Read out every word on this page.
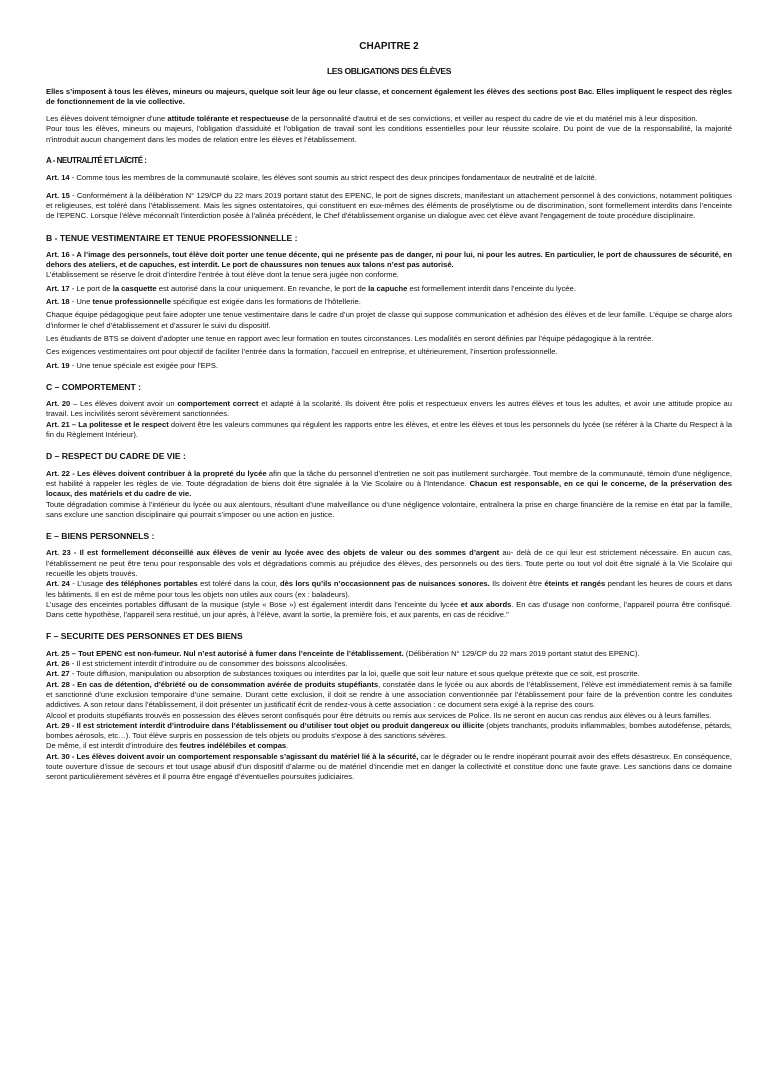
CHAPITRE 2
LES OBLIGATIONS DES ÉLÈVES

Elles s’imposent à tous les élèves, mineurs ou majeurs, quelque soit leur âge ou leur classe, et concernent également les élèves des sections post Bac. Elles impliquent le respect des règles de fonctionnement de la vie collective.

Les élèves doivent témoigner d'une attitude tolérante et respectueuse de la personnalité d'autrui et de ses convictions, et veiller au respect du cadre de vie et du matériel mis à leur disposition.

Pour tous les élèves, mineurs ou majeurs, l'obligation d'assiduité et l'obligation de travail sont les conditions essentielles pour leur réussite scolaire. Du point de vue de la responsabilité, la majorité n'introduit aucun changement dans les modes de relation entre les élèves et l’établissement.

A - NEUTRALITÉ ET LAÏCITÉ :

Art. 14 - Comme tous les membres de la communauté scolaire, les élèves sont soumis au strict respect des deux principes fondamentaux de neutralité et de laïcité.

Art. 15 - Conformément à la délibération N° 129/CP du 22 mars 2019 portant statut des EPENC, le port de signes discrets, manifestant un attachement personnel à des convictions, notamment politiques et religieuses, est toléré dans l’établissement. Mais les signes ostentatoires, qui constituent en eux-mêmes des éléments de prosélytisme ou de discrimination, sont formellement interdits dans l’enceinte de l’EPENC. Lorsque l'élève méconnaît l'interdiction posée à l'alinéa précédent, le Chef d'établissement organise un dialogue avec cet élève avant l'engagement de toute procédure disciplinaire.

B - TENUE VESTIMENTAIRE ET TENUE PROFESSIONNELLE :

Art. 16 - A l’image des personnels, tout élève doit porter une tenue décente, qui ne présente pas de danger, ni pour lui, ni pour les autres. En particulier, le port de chaussures de sécurité, en dehors des ateliers, et de capuches, est interdit. Le port de chaussures non tenues aux talons n’est pas autorisé.

L’établissement se réserve le droit d’interdire l’entrée à tout élève dont la tenue sera jugée non conforme.

Art. 17 - Le port de la casquette est autorisé dans la cour uniquement. En revanche, le port de la capuche est formellement interdit dans l’enceinte du lycée.

Art. 18 - Une tenue professionnelle spécifique est exigée dans les formations de l’hôtellerie.

Chaque équipe pédagogique peut faire adopter une tenue vestimentaire dans le cadre d’un projet de classe qui suppose communication et adhésion des élèves et de leur famille. L’équipe se charge alors d’informer le chef d’établissement et d’assurer le suivi du dispositif.

Les étudiants de BTS se doivent d’adopter une tenue en rapport avec leur formation en toutes circonstances. Les modalités en seront définies par l’équipe pédagogique à la rentrée.

Ces exigences vestimentaires ont pour objectif de faciliter l’entrée dans la formation, l’accueil en entreprise, et ultérieurement, l’insertion professionnelle.

Art. 19 - Une tenue spéciale est exigée pour l'EPS.

C – COMPORTEMENT :

Art. 20 – Les élèves doivent avoir un comportement correct et adapté à la scolarité. Ils doivent être polis et respectueux envers les autres élèves et tous les adultes, et avoir une attitude propice au travail. Les incivilités seront sévèrement sanctionnées.

Art. 21 – La politesse et le respect doivent être les valeurs communes qui régulent les rapports entre les élèves, et entre les élèves et tous les personnels du lycée (se référer à la Charte du Respect à la fin du Règlement Intérieur).

D – RESPECT DU CADRE DE VIE :

Art. 22 - Les élèves doivent contribuer à la propreté du lycée afin que la tâche du personnel d'entretien ne soit pas inutilement surchargée. Tout membre de la communauté, témoin d'une négligence, est habilité à rappeler les règles de vie. Toute dégradation de biens doit être signalée à la Vie Scolaire ou à l'Intendance. Chacun est responsable, en ce qui le concerne, de la préservation des locaux, des matériels et du cadre de vie.

Toute dégradation commise à l’intérieur du lycée ou aux alentours, résultant d’une malveillance ou d’une négligence volontaire, entraînera la prise en charge financière de la remise en état par la famille, sans exclure une sanction disciplinaire qui pourrait s’imposer ou une action en justice.

E – BIENS PERSONNELS :

Art. 23 - Il est formellement déconseillé aux élèves de venir au lycée avec des objets de valeur ou des sommes d’argent au- delà de ce qui leur est strictement nécessaire. En aucun cas, l’établissement ne peut être tenu pour responsable des vols et dégradations commis au préjudice des élèves, des personnels ou des tiers. Toute perte ou tout vol doit être signalé à la Vie Scolaire qui recueille les objets trouvés.

Art. 24 - L’usage des téléphones portables est toléré dans la cour, dès lors qu’ils n’occasionnent pas de nuisances sonores. Ils doivent être éteints et rangés pendant les heures de cours et dans les bâtiments. Il en est de même pour tous les objets non utiles aux cours (ex : baladeurs).

L’usage des enceintes portables diffusant de la musique (style « Bose ») est également interdit dans l’enceinte du lycée et aux abords. En cas d’usage non conforme, l’appareil pourra être confisqué. Dans cette hypothèse, l’appareil sera restitué, un jour après, à l’élève, avant la sortie, la première fois, et aux parents, en cas de récidive."

F – SECURITE DES PERSONNES ET DES BIENS

Art. 25 – Tout EPENC est non-fumeur. Nul n’est autorisé à fumer dans l’enceinte de l’établissement. (Délibération N° 129/CP du 22 mars 2019 portant statut des EPENC).

Art. 26 - Il est strictement interdit d’introduire ou de consommer des boissons alcoolisées.

Art. 27 - Toute diffusion, manipulation ou absorption de substances toxiques ou interdites par la loi, quelle que soit leur nature et sous quelque prétexte que ce soit, est proscrite.

Art. 28 - En cas de détention, d’ébriété ou de consommation avérée de produits stupéfiants, constatée dans le lycée ou aux abords de l’établissement, l’élève est immédiatement remis à sa famille et sanctionné d’une exclusion temporaire d’une semaine. Durant cette exclusion, il doit se rendre à une association conventionnée par l’établissement pour faire de la prévention contre les conduites addictives. A son retour dans l’établissement, il doit présenter un justificatif écrit de rendez-vous à cette association : ce document sera exigé à la reprise des cours.

Alcool et produits stupéfiants trouvés en possession des élèves seront confisqués pour être détruits ou remis aux services de Police. Ils ne seront en aucun cas rendus aux élèves ou à leurs familles.

Art. 29 - Il est strictement interdit d’introduire dans l’établissement ou d’utiliser tout objet ou produit dangereux ou illicite (objets tranchants, produits inflammables, bombes autodéfense, pétards, bombes aérosols, etc…). Tout élève surpris en possession de tels objets ou produits s’expose à des sanctions sévères.

De même, il est interdit d’introduire des feutres indélébiles et compas.

Art. 30 - Les élèves doivent avoir un comportement responsable s’agissant du matériel lié à la sécurité, car le dégrader ou le rendre inopérant pourrait avoir des effets désastreux. En conséquence, toute ouverture d’issue de secours et tout usage abusif d’un dispositif d’alarme ou de matériel d’incendie met en danger la collectivité et constitue donc une faute grave. Les sanctions dans ce domaine seront particulièrement sévères et il pourra être engagé d’éventuelles poursuites judiciaires.
